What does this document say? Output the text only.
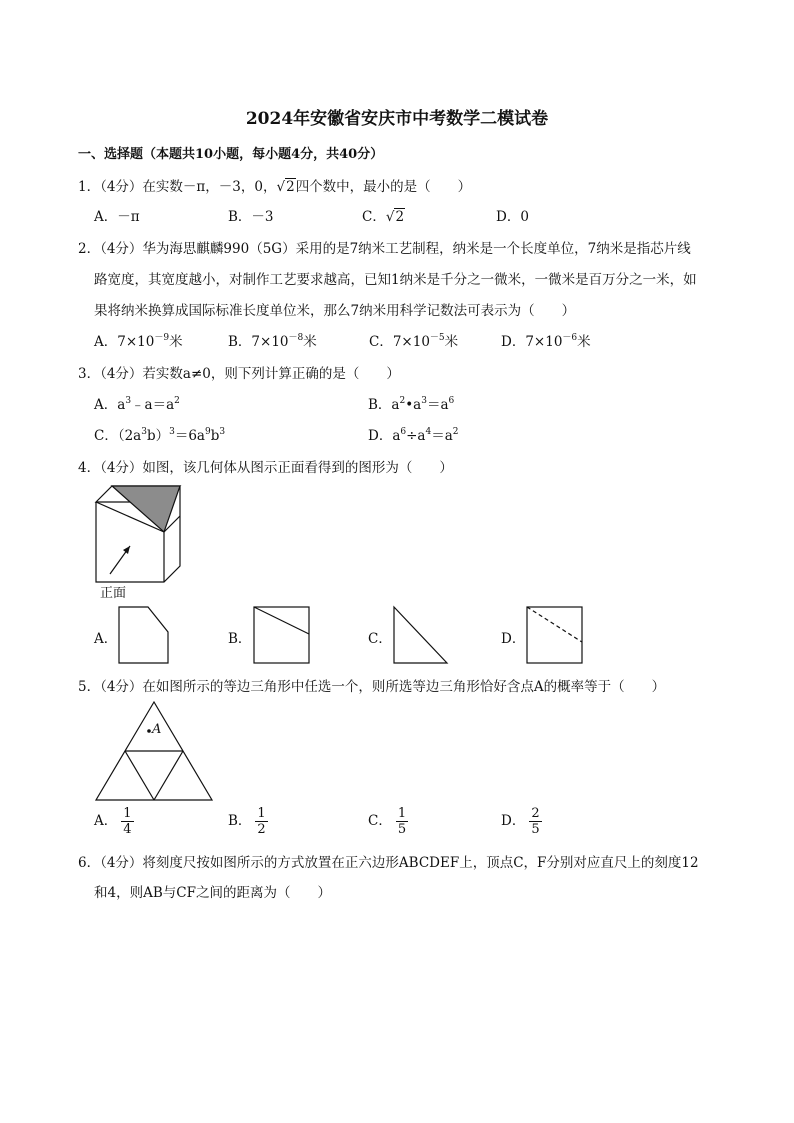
2024年安徽省安庆市中考数学二模试卷
一、选择题（本题共10小题，每小题4分，共40分）
1．（4分）在实数－π，－3，0，√2四个数中，最小的是（　　）
A．－π	B．－3	C．√2	D．0
2．（4分）华为海思麒麟990（5G）采用的是7纳米工艺制程，纳米是一个长度单位，7纳米是指芯片线
路宽度，其宽度越小，对制作工艺要求越高，已知1纳米是千分之一微米，一微米是百万分之一米，如
果将纳米换算成国际标准长度单位米，那么7纳米用科学记数法可表示为（　　）
A．$7\times 10^{-9}$米	B．$7\times 10^{-8}$米	C．$7\times 10^{-5}$米	D．$7\times 10^{-6}$米
3．（4分）若实数a≠0，则下列计算正确的是（　　）
A．$a^3﹣a=a^2$	B．$a^2•a^3=a^6$
C．$(2a^3b)^3=6a^9b^3$	D．$a^6\div a^4=a^2$
4．（4分）如图，该几何体从图示正面看得到的图形为（　　）
正面
A．	B．	C．	D．
5．（4分）在如图所示的等边三角形中任选一个，则所选等边三角形恰好含点A的概率等于（　　）
A
A． $\frac{1}{4}$	B． $\frac{1}{2}$	C． $\frac{1}{5}$	D． $\frac{2}{5}$
6．（4分）将刻度尺按如图所示的方式放置在正六边形ABCDEF上，顶点C，F分别对应直尺上的刻度12
和4，则AB与CF之间的距离为（　　）
